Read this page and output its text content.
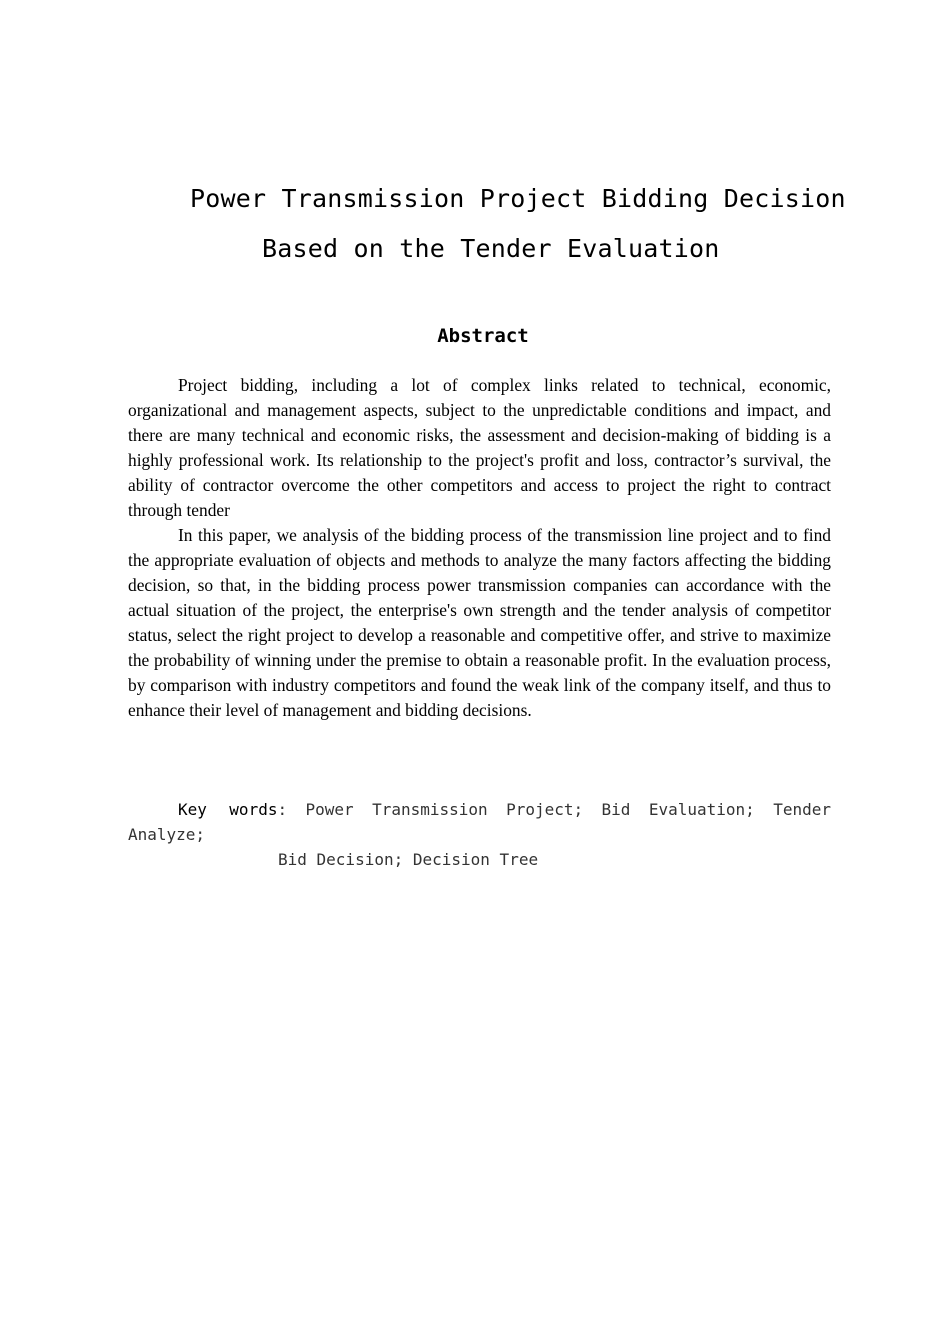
Power Transmission Project Bidding Decision
Based on the Tender Evaluation
Abstract

Project bidding, including a lot of complex links related to technical, economic, organizational and management aspects, subject to the unpredictable conditions and impact, and there are many technical and economic risks, the assessment and decision-making of bidding is a highly professional work. Its relationship to the project's profit and loss, contractor’s survival, the ability of contractor overcome the other competitors and access to project the right to contract through tender

In this paper, we analysis of the bidding process of the transmission line project and to find the appropriate evaluation of objects and methods to analyze the many factors affecting the bidding decision, so that, in the bidding process power transmission companies can accordance with the actual situation of the project, the enterprise's own strength and the tender analysis of competitor status, select the right project to develop a reasonable and competitive offer, and strive to maximize the probability of winning under the premise to obtain a reasonable profit. In the evaluation process, by comparison with industry competitors and found the weak link of the company itself, and thus to enhance their level of management and bidding decisions.

Key words: Power Transmission Project; Bid Evaluation; Tender
Analyze;
Bid Decision; Decision Tree
